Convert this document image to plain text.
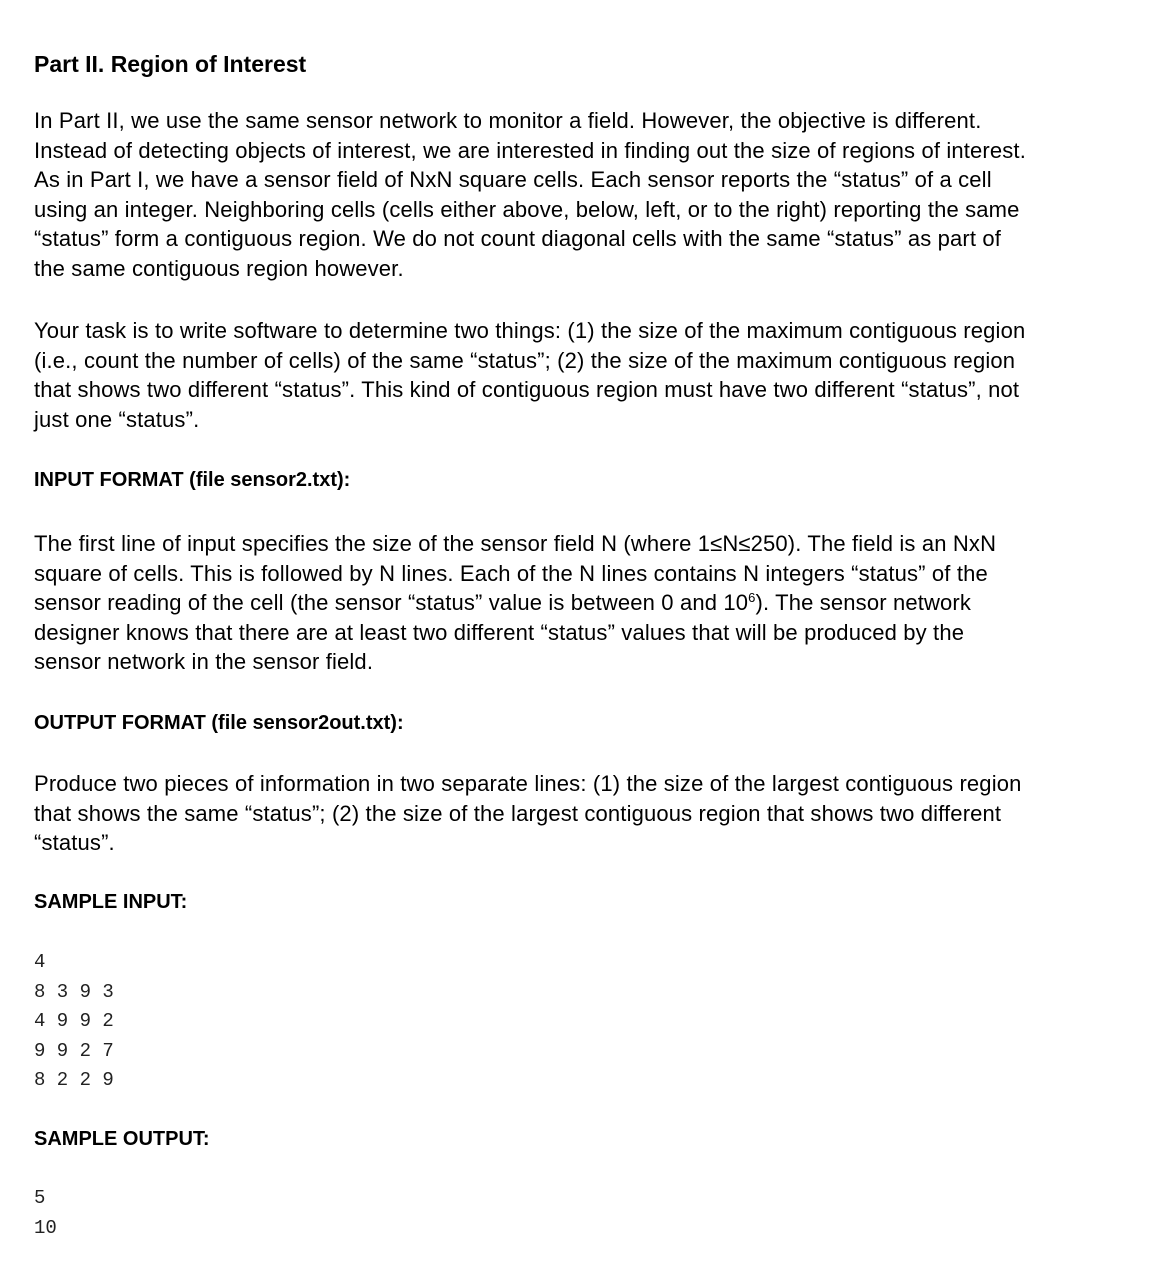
Part II. Region of Interest
In Part II, we use the same sensor network to monitor a field. However, the objective is different.
Instead of detecting objects of interest, we are interested in finding out the size of regions of interest.
As in Part I, we have a sensor field of NxN square cells. Each sensor reports the “status” of a cell
using an integer. Neighboring cells (cells either above, below, left, or to the right) reporting the same
“status” form a contiguous region. We do not count diagonal cells with the same “status” as part of
the same contiguous region however.
Your task is to write software to determine two things: (1) the size of the maximum contiguous region
(i.e., count the number of cells) of the same “status”; (2) the size of the maximum contiguous region
that shows two different “status”. This kind of contiguous region must have two different “status”, not
just one “status”.
INPUT FORMAT (file sensor2.txt):
The first line of input specifies the size of the sensor field N (where 1≤N≤250). The field is an NxN
square of cells. This is followed by N lines. Each of the N lines contains N integers “status” of the
sensor reading of the cell (the sensor “status” value is between 0 and $10^6$). The sensor network
designer knows that there are at least two different “status” values that will be produced by the
sensor network in the sensor field.
OUTPUT FORMAT (file sensor2out.txt):
Produce two pieces of information in two separate lines: (1) the size of the largest contiguous region
that shows the same “status”; (2) the size of the largest contiguous region that shows two different
“status”.
SAMPLE INPUT:
4
8 3 9 3
4 9 9 2
9 9 2 7
8 2 2 9
SAMPLE OUTPUT:
5
10
